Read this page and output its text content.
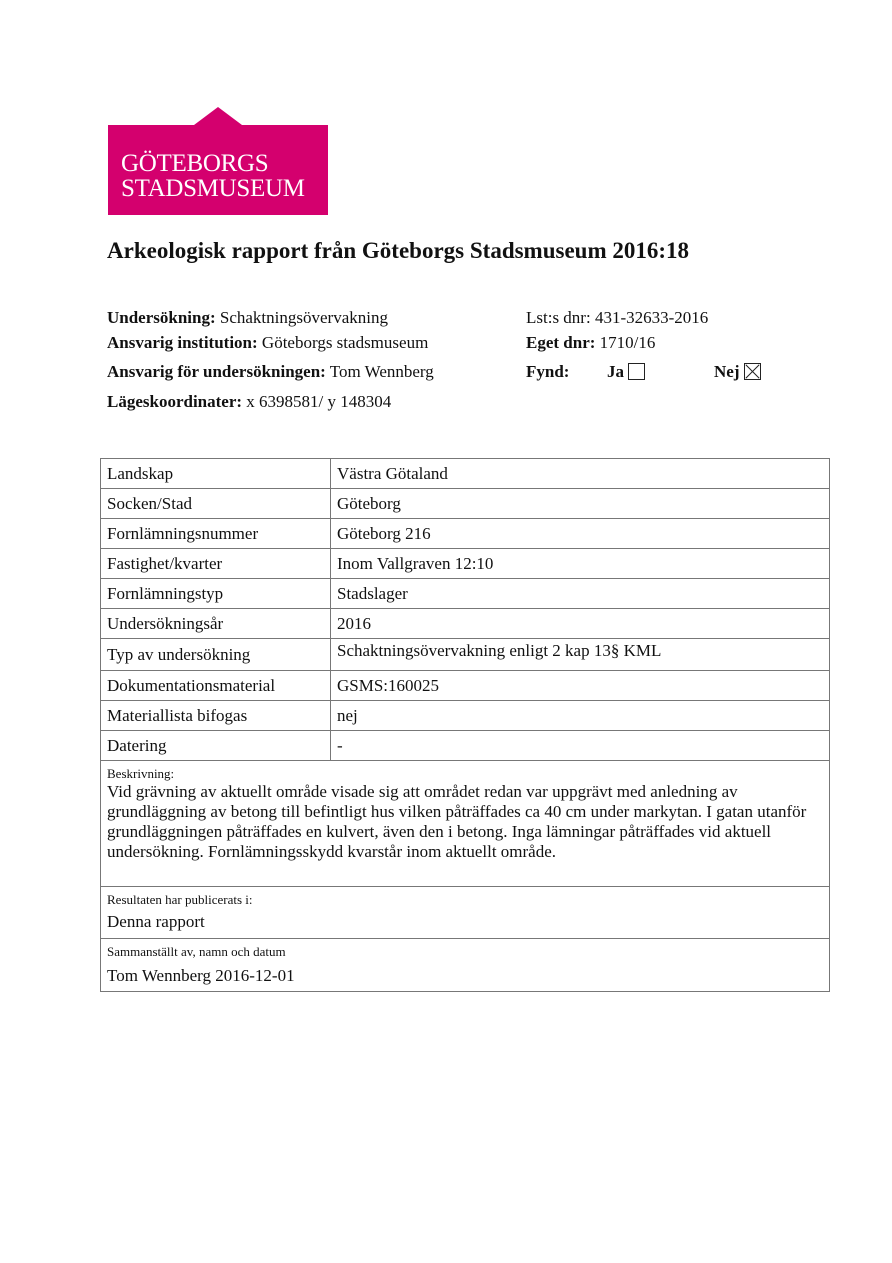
GÖTEBORGS
STADSMUSEUM
Arkeologisk rapport från Göteborgs Stadsmuseum 2016:18
Undersökning: Schaktningsövervakning
Ansvarig institution: Göteborgs stadsmuseum
Ansvarig för undersökningen: Tom Wennberg
Lägeskoordinater: x 6398581/ y 148304
Lst:s dnr: 431-32633-2016
Eget dnr: 1710/16
Fynd: Ja	Nej
Landskap	Västra Götaland
Socken/Stad	Göteborg
Fornlämningsnummer	Göteborg 216
Fastighet/kvarter	Inom Vallgraven 12:10
Fornlämningstyp	Stadslager
Undersökningsår	2016
Typ av undersökning	Schaktningsövervakning enligt 2 kap 13§ KML
Dokumentationsmaterial	GSMS:160025
Materiallista bifogas	nej
Datering	-

Beskrivning:
Vid grävning av aktuellt område visade sig att området redan var uppgrävt med anledning av grundläggning av betong till befintligt hus vilken påträffades ca 40 cm under markytan. I gatan utanför grundläggningen påträffades en kulvert, även den i betong. Inga lämningar påträffades vid aktuell undersökning. Fornlämningsskydd kvarstår inom aktuellt område.	

Resultaten har publicerats i:
Denna rapport	

Sammanställt av, namn och datum
Tom Wennberg 2016-12-01	
